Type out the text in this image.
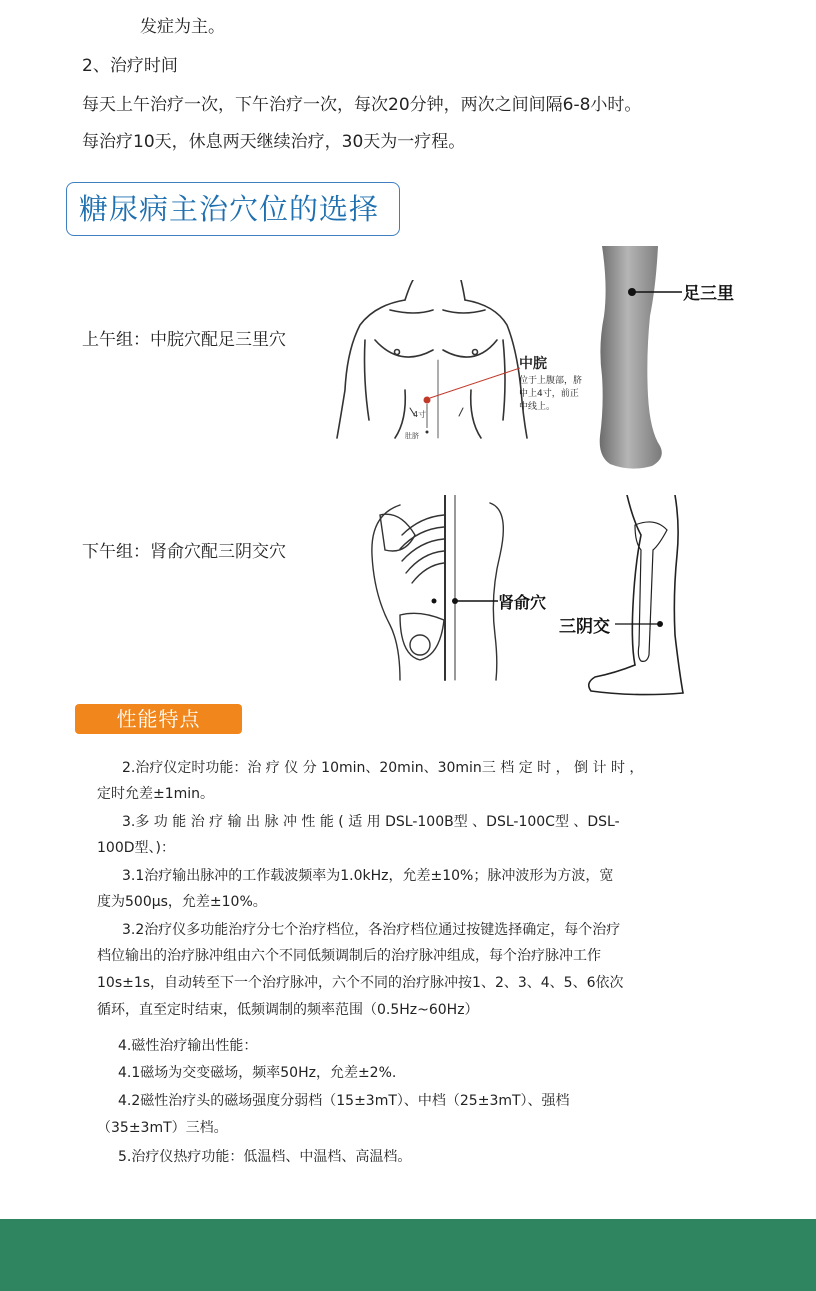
发症为主。
2、治疗时间
每天上午治疗一次，下午治疗一次，每次20分钟，两次之间间隔6-8小时。
每治疗10天，休息两天继续治疗，30天为一疗程。
糖尿病主治穴位的选择
上午组：中脘穴配足三里穴
4寸
肚脐
中脘
位于上腹部，脐
中上4寸，前正
中线上。
足三里
下午组：肾俞穴配三阴交穴
肾俞穴
三阴交
性能特点
2.治疗仪定时功能：治 疗 仪 分 10min、20min、30min三 档 定 时 ， 倒 计 时 ，
定时允差±1min。
3.多 功 能 治 疗 输 出 脉 冲 性 能 ( 适 用 DSL-100B型 、DSL-100C型 、DSL-
100D型、)：
3.1治疗输出脉冲的工作载波频率为1.0kHz，允差±10%；脉冲波形为方波，宽
度为500μs，允差±10%。
3.2治疗仪多功能治疗分七个治疗档位，各治疗档位通过按键选择确定，每个治疗
档位输出的治疗脉冲组由六个不同低频调制后的治疗脉冲组成，每个治疗脉冲工作
10s±1s，自动转至下一个治疗脉冲，六个不同的治疗脉冲按1、2、3、4、5、6依次
循环，直至定时结束，低频调制的频率范围（0.5Hz~60Hz）
4.磁性治疗输出性能：
4.1磁场为交变磁场，频率50Hz，允差±2%.
4.2磁性治疗头的磁场强度分弱档（15±3mT）、中档（25±3mT）、强档
（35±3mT）三档。
5.治疗仪热疗功能：低温档、中温档、高温档。
